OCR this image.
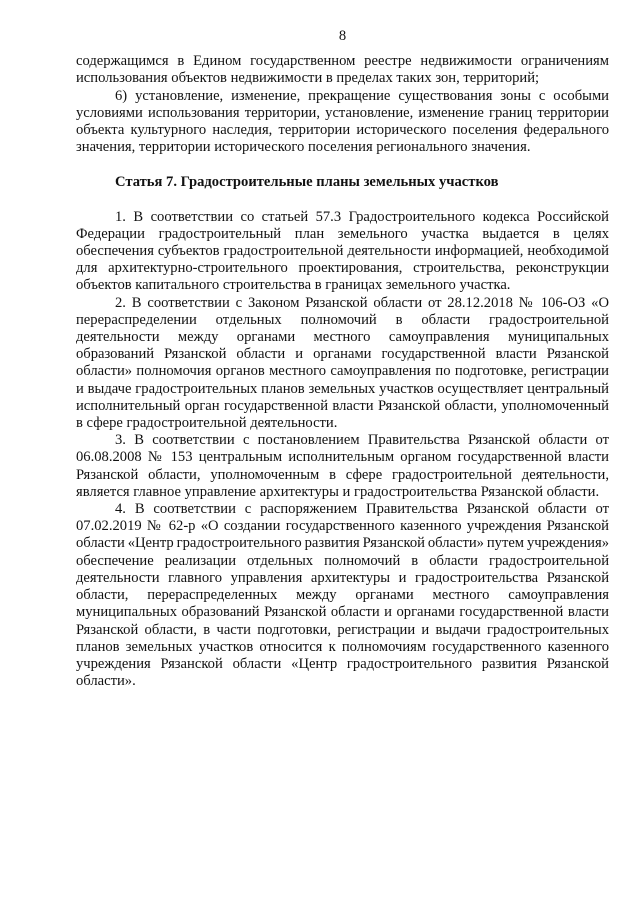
8

содержащимся в Едином государственном реестре недвижимости ограничениям использования объектов недвижимости в пределах таких зон, территорий;

6) установление, изменение, прекращение существования зоны с особыми условиями использования территории, установление, изменение границ территории объекта культурного наследия, территории исторического поселения федерального значения, территории исторического поселения регионального значения.

Статья 7. Градостроительные планы земельных участков

1. В соответствии со статьей 57.3 Градостроительного кодекса Российской Федерации градостроительный план земельного участка выдается в целях обеспечения субъектов градостроительной деятельности информацией, необходимой для архитектурно-строительного проектирования, строительства, реконструкции объектов капитального строительства в границах земельного участка.

2. В соответствии с Законом Рязанской области от 28.12.2018 № 106-ОЗ «О перераспределении отдельных полномочий в области градостроительной деятельности между органами местного самоуправления муниципальных образований Рязанской области и органами государственной власти Рязанской области» полномочия органов местного самоуправления по подготовке, регистрации и выдаче градостроительных планов земельных участков осуществляет центральный исполнительный орган государственной власти Рязанской области, уполномоченный в сфере градостроительной деятельности.

3. В соответствии с постановлением Правительства Рязанской области от 06.08.2008 № 153 центральным исполнительным органом государственной власти Рязанской области, уполномоченным в сфере градостроительной деятельности, является главное управление архитектуры и градостроительства Рязанской области.

4. В соответствии с распоряжением Правительства Рязанской области от 07.02.2019 № 62-р «О создании государственного казенного учреждения Рязанской области «Центр градостроительного развития Рязанской области» путем учреждения» обеспечение реализации отдельных полномочий в области градостроительной деятельности главного управления архитектуры и градостроительства Рязанской области, перераспределенных между органами местного самоуправления муниципальных образований Рязанской области и органами государственной власти Рязанской области, в части подготовки, регистрации и выдачи градостроительных планов земельных участков относится к полномочиям государственного казенного учреждения Рязанской области «Центр градостроительного развития Рязанской области».
